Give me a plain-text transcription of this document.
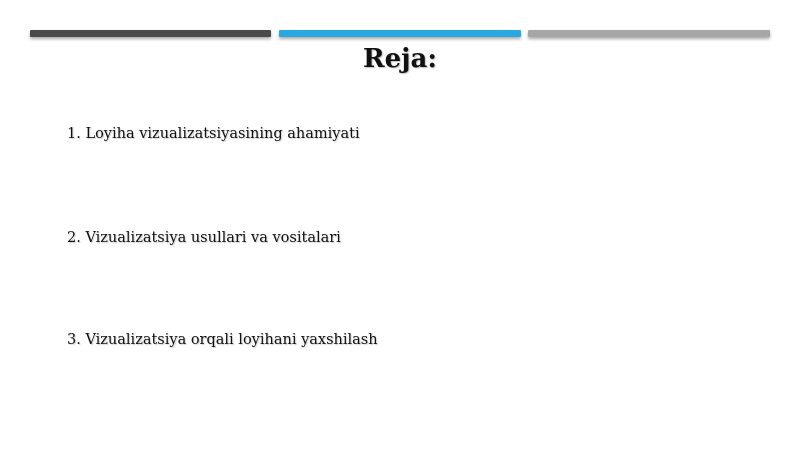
Reja:
1. Loyiha vizualizatsiyasining ahamiyati
2. Vizualizatsiya usullari va vositalari
3. Vizualizatsiya orqali loyihani yaxshilash
